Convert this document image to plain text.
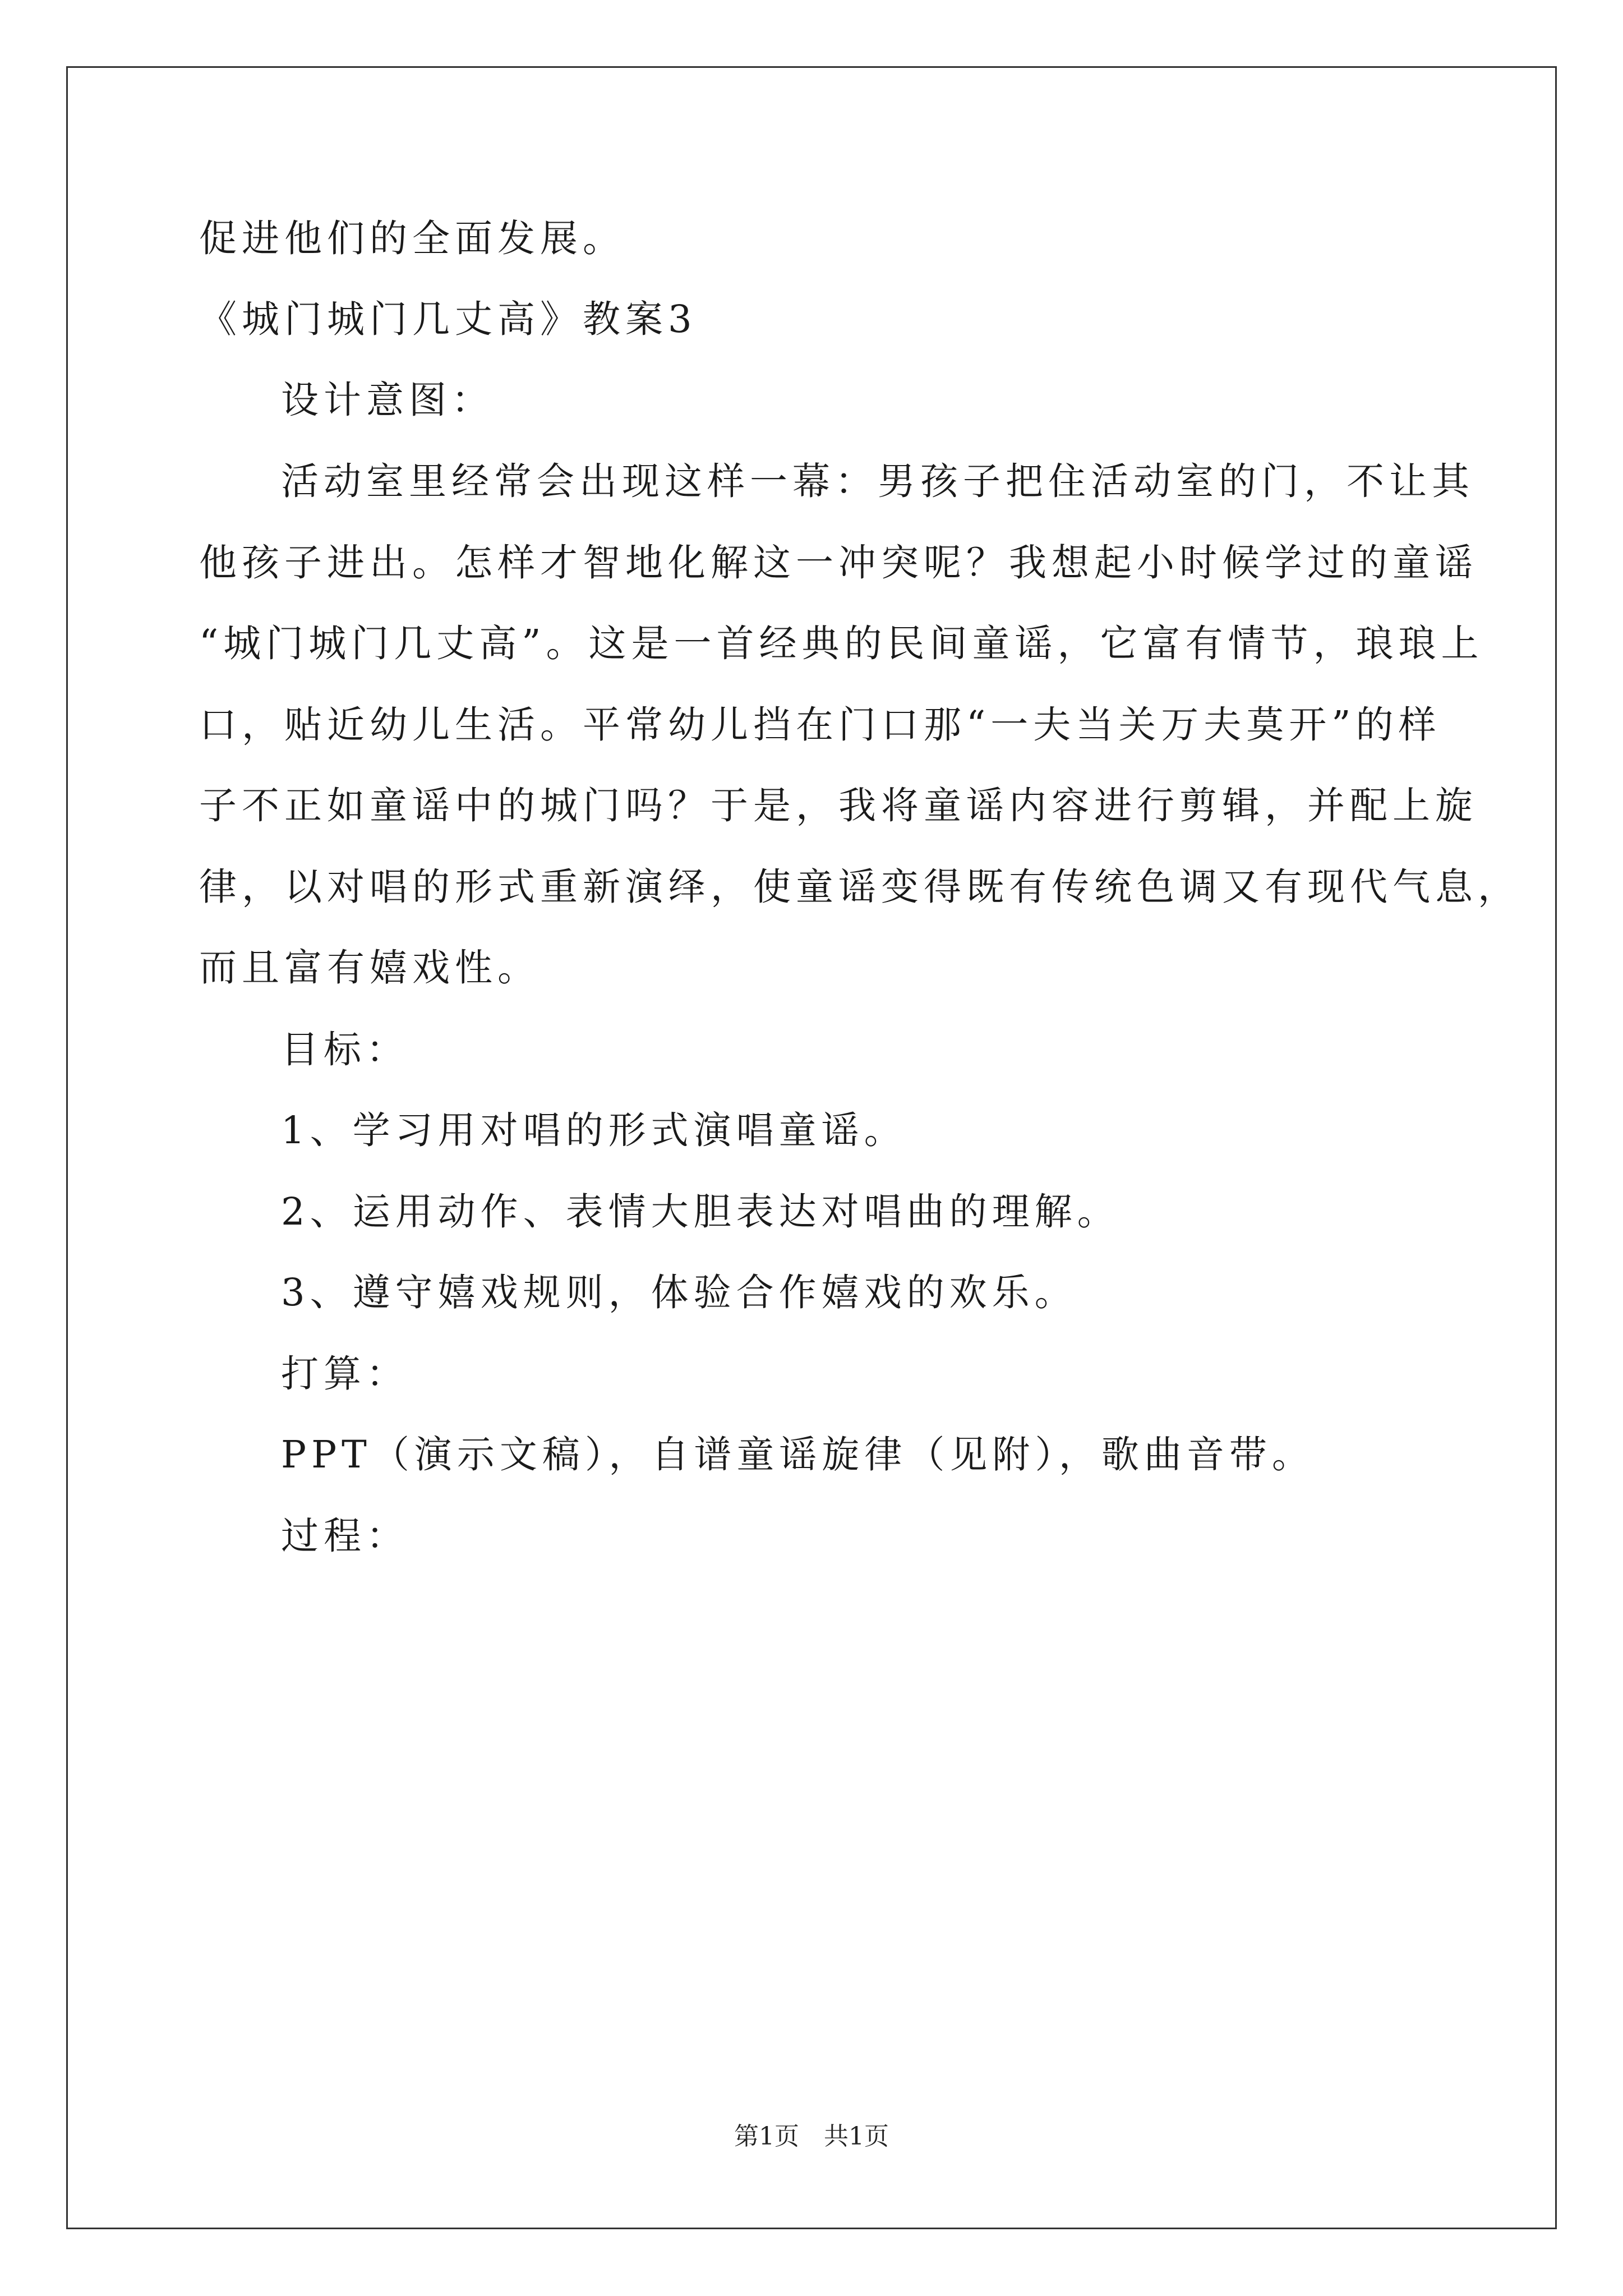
促进他们的全面发展。
《城门城门几丈高》教案3
设计意图：
活动室里经常会出现这样一幕：男孩子把住活动室的门，不让其
他孩子进出。怎样才智地化解这一冲突呢？我想起小时候学过的童谣
“城门城门几丈高”。这是一首经典的民间童谣，它富有情节，琅琅上
口，贴近幼儿生活。平常幼儿挡在门口那“一夫当关万夫莫开”的样
子不正如童谣中的城门吗？于是，我将童谣内容进行剪辑，并配上旋
律，以对唱的形式重新演绎，使童谣变得既有传统色调又有现代气息，
而且富有嬉戏性。
目标：
1、学习用对唱的形式演唱童谣。
2、运用动作、表情大胆表达对唱曲的理解。
3、遵守嬉戏规则，体验合作嬉戏的欢乐。
打算：
PPT（演示文稿），自谱童谣旋律（见附），歌曲音带。
过程：
第1页　共1页
